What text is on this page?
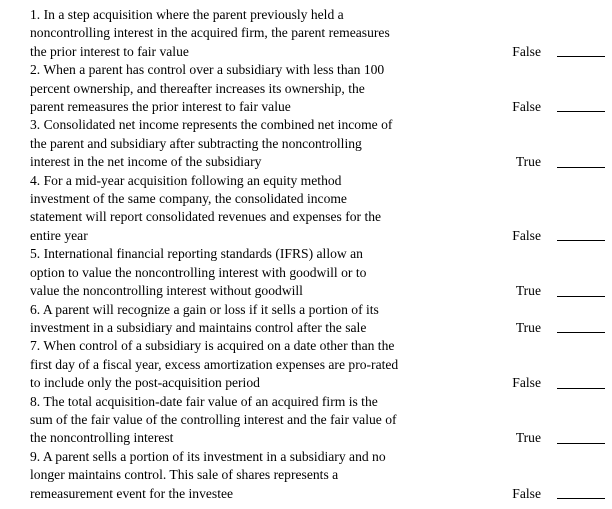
1. In a step acquisition where the parent previously held a
noncontrolling interest in the acquired firm, the parent remeasures
the prior interest to fair value	False
2. When a parent has control over a subsidiary with less than 100
percent ownership, and thereafter increases its ownership, the
parent remeasures the prior interest to fair value	False
3. Consolidated net income represents the combined net income of
the parent and subsidiary after subtracting the noncontrolling
interest in the net income of the subsidiary	True
4. For a mid-year acquisition following an equity method
investment of the same company, the consolidated income
statement will report consolidated revenues and expenses for the
entire year	False
5. International financial reporting standards (IFRS) allow an
option to value the noncontrolling interest with goodwill or to
value the noncontrolling interest without goodwill	True
6. A parent will recognize a gain or loss if it sells a portion of its
investment in a subsidiary and maintains control after the sale	True
7. When control of a subsidiary is acquired on a date other than the
first day of a fiscal year, excess amortization expenses are pro-rated
to include only the post-acquisition period	False
8. The total acquisition-date fair value of an acquired firm is the
sum of the fair value of the controlling interest and the fair value of
the noncontrolling interest	True
9. A parent sells a portion of its investment in a subsidiary and no
longer maintains control. This sale of shares represents a
remeasurement event for the investee	False
